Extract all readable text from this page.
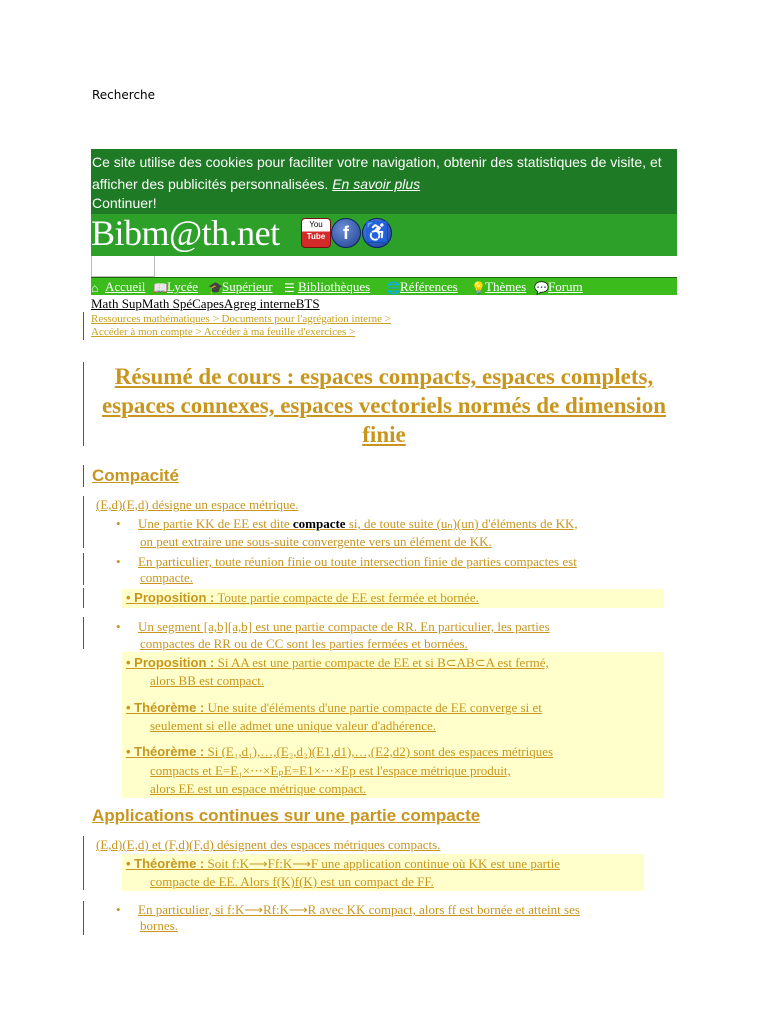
Recherche
Ce site utilise des cookies pour faciliter votre navigation, obtenir des statistiques de visite, et afficher des publicités personnalisées. En savoir plus
Continuer!
Bibm@th.net	You
Tube f ♿
⌂ Accueil 📖Lycée 🎓Supérieur ☰ Bibliothèques 🌐Références 💡Thèmes 💬Forum
Math SupMath SpéCapesAgreg interneBTS
Ressources mathématiques > Documents pour l'agrégation interne >
Accéder à mon compte > Accéder à ma feuille d'exercices >
Résumé de cours : espaces compacts, espaces complets, espaces connexes, espaces vectoriels normés de dimension finie
Compacité
(E,d)(E,d) désigne un espace métrique.
• Une partie KK de EE est dite compacte si, de toute suite (uₙ)(un) d'éléments de KK,
on peut extraire une sous-suite convergente vers un élément de KK.
• En particulier, toute réunion finie ou toute intersection finie de parties compactes est
compacte.
• Proposition : Toute partie compacte de EE est fermée et bornée.
• Un segment [a,b][a,b] est une partie compacte de RR. En particulier, les parties
compactes de RR ou de CC sont les parties fermées et bornées.
• Proposition : Si AA est une partie compacte de EE et si B⊂AB⊂A est fermé,
alors BB est compact.
• Théorème : Une suite d'éléments d'une partie compacte de EE converge si et
seulement si elle admet une unique valeur d'adhérence.
• Théorème : Si (E₁,d₁),…,(E₂,d₂)(E1,d1),…,(E2,d2) sont des espaces métriques
compacts et E=E₁×⋯×EₚE=E1×⋯×Ep est l'espace métrique produit,
alors EE est un espace métrique compact.
Applications continues sur une partie compacte
(E,d)(E,d) et (F,d)(F,d) désignent des espaces métriques compacts.
• Théorème : Soit f:K⟶Ff:K⟶F une application continue où KK est une partie
compacte de EE. Alors f(K)f(K) est un compact de FF.
• En particulier, si f:K⟶Rf:K⟶R avec KK compact, alors ff est bornée et atteint ses
bornes.
